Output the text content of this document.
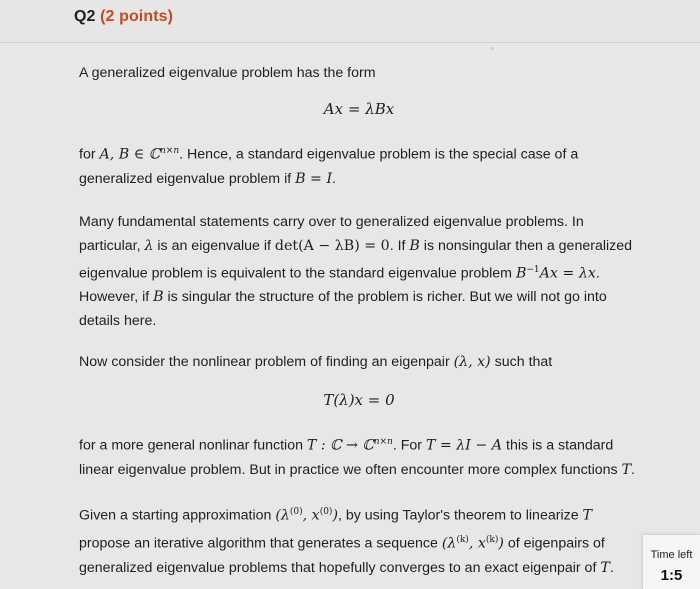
Q2 (2 points)

A generalized eigenvalue problem has the form

Ax = λBx

for A, B ∈ ℂ$^{n\times n}$. Hence, a standard eigenvalue problem is the special case of a generalized eigenvalue problem if B = I.

Many fundamental statements carry over to generalized eigenvalue problems. In particular, λ is an eigenvalue if det(A − λB) = 0. If B is nonsingular then a generalized eigenvalue problem is equivalent to the standard eigenvalue problem $B^{-1}Ax = \lambda x$. However, if B is singular the structure of the problem is richer. But we will not go into details here.

Now consider the nonlinear problem of finding an eigenpair (λ, x) such that

T(λ)x = 0

for a more general nonlinar function T : ℂ → ℂ$^{n\times n}$. For T = λI − A this is a standard linear eigenvalue problem. But in practice we often encounter more complex functions T.

Given a starting approximation ($\lambda^{(0)}$, $x^{(0)}$), by using Taylor's theorem to linearize T propose an iterative algorithm that generates a sequence ($\lambda^{(k)}$, $x^{(k)}$) of eigenpairs of generalized eigenvalue problems that hopefully converges to an exact eigenpair of T.

Time left
1:5
